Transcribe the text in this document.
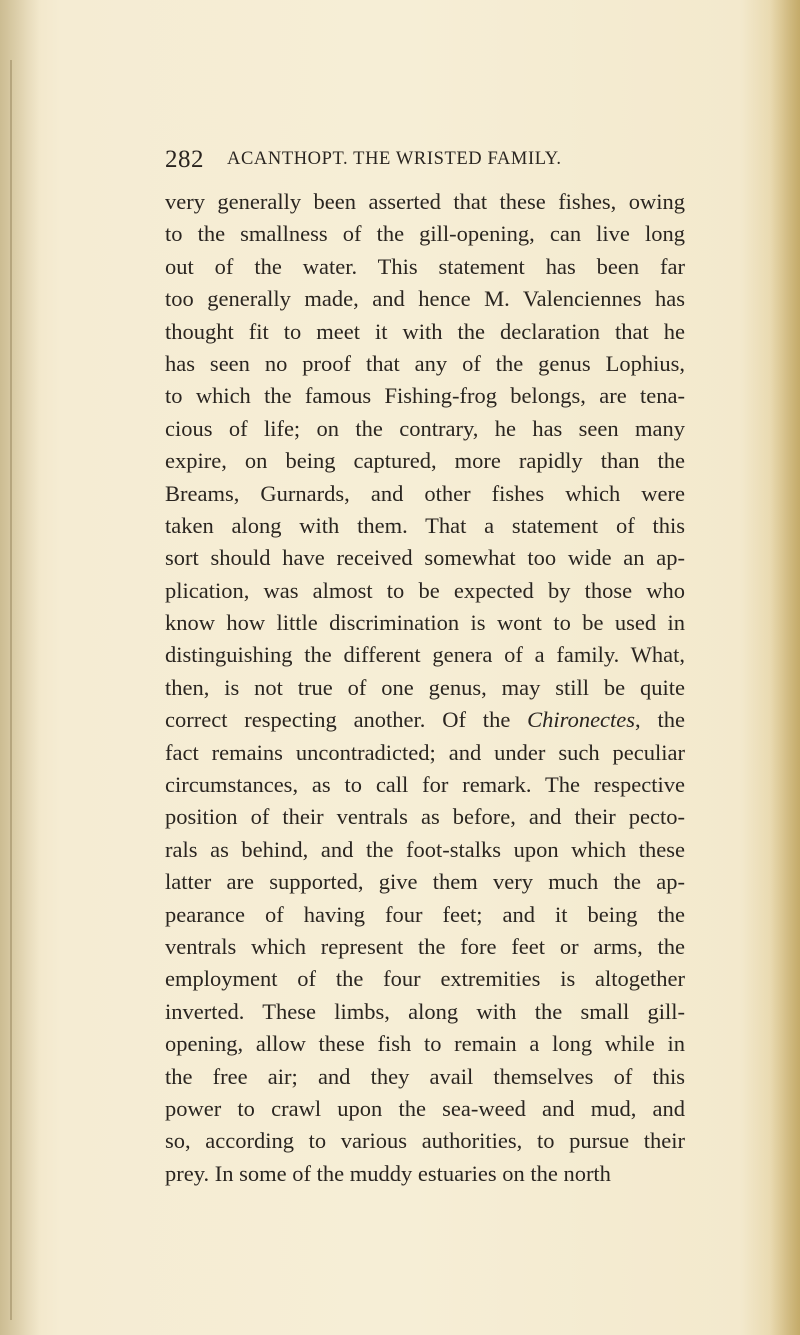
282 ACANTHOPT. THE WRISTED FAMILY.
very generally been asserted that these fishes, owing
to the smallness of the gill-opening, can live long
out of the water. This statement has been far
too generally made, and hence M. Valenciennes has
thought fit to meet it with the declaration that he
has seen no proof that any of the genus Lophius,
to which the famous Fishing-frog belongs, are tena-
cious of life; on the contrary, he has seen many
expire, on being captured, more rapidly than the
Breams, Gurnards, and other fishes which were
taken along with them. That a statement of this
sort should have received somewhat too wide an ap-
plication, was almost to be expected by those who
know how little discrimination is wont to be used in
distinguishing the different genera of a family. What,
then, is not true of one genus, may still be quite
correct respecting another. Of the Chironectes, the
fact remains uncontradicted; and under such peculiar
circumstances, as to call for remark. The respective
position of their ventrals as before, and their pecto-
rals as behind, and the foot-stalks upon which these
latter are supported, give them very much the ap-
pearance of having four feet; and it being the
ventrals which represent the fore feet or arms, the
employment of the four extremities is altogether
inverted. These limbs, along with the small gill-
opening, allow these fish to remain a long while in
the free air; and they avail themselves of this
power to crawl upon the sea-weed and mud, and
so, according to various authorities, to pursue their
prey. In some of the muddy estuaries on the north
